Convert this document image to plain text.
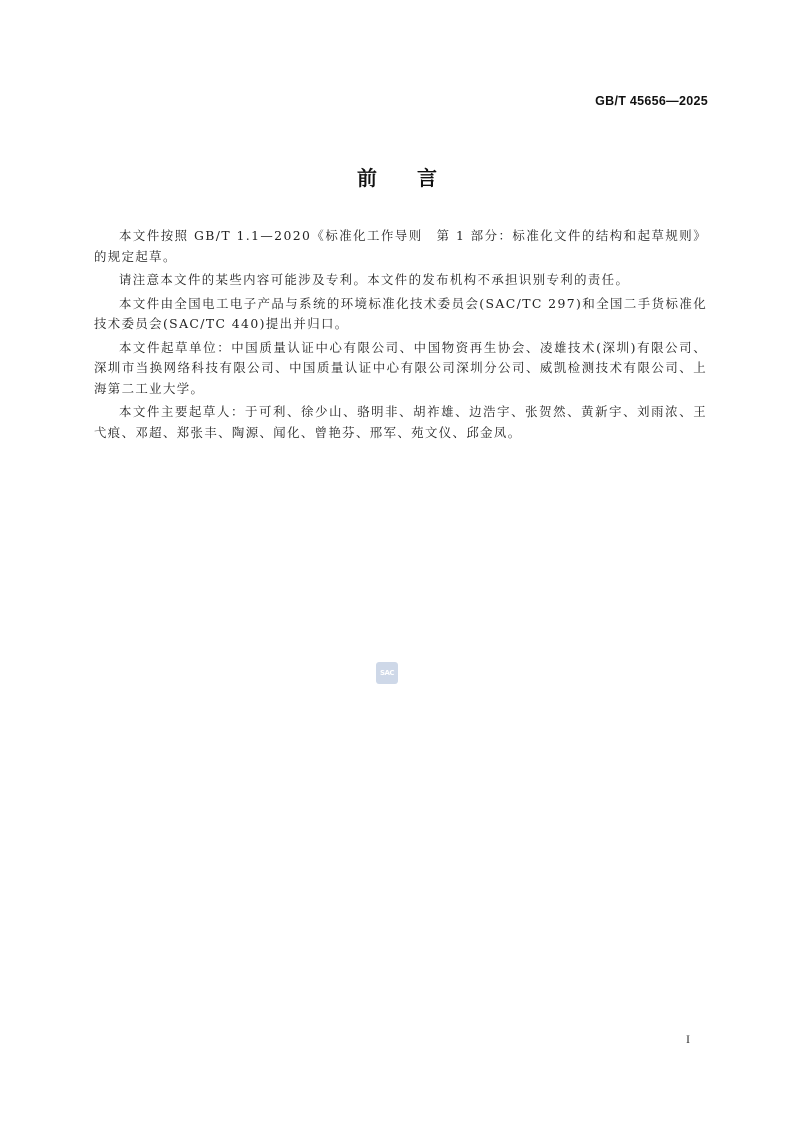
GB/T 45656—2025
前言

本文件按照 GB/T 1.1—2020《标准化工作导则　第 1 部分：标准化文件的结构和起草规则》的规定起草。

请注意本文件的某些内容可能涉及专利。本文件的发布机构不承担识别专利的责任。

本文件由全国电工电子产品与系统的环境标准化技术委员会(SAC/TC 297)和全国二手货标准化技术委员会(SAC/TC 440)提出并归口。

本文件起草单位：中国质量认证中心有限公司、中国物资再生协会、凌雄技术(深圳)有限公司、深圳市当换网络科技有限公司、中国质量认证中心有限公司深圳分公司、威凯检测技术有限公司、上海第二工业大学。

本文件主要起草人：于可利、徐少山、骆明非、胡祚雄、边浩宇、张贺然、黄新宇、刘雨浓、王弋痕、邓超、郑张丰、陶源、闻化、曾艳芬、邢军、苑文仪、邱金凤。

SAC
I
